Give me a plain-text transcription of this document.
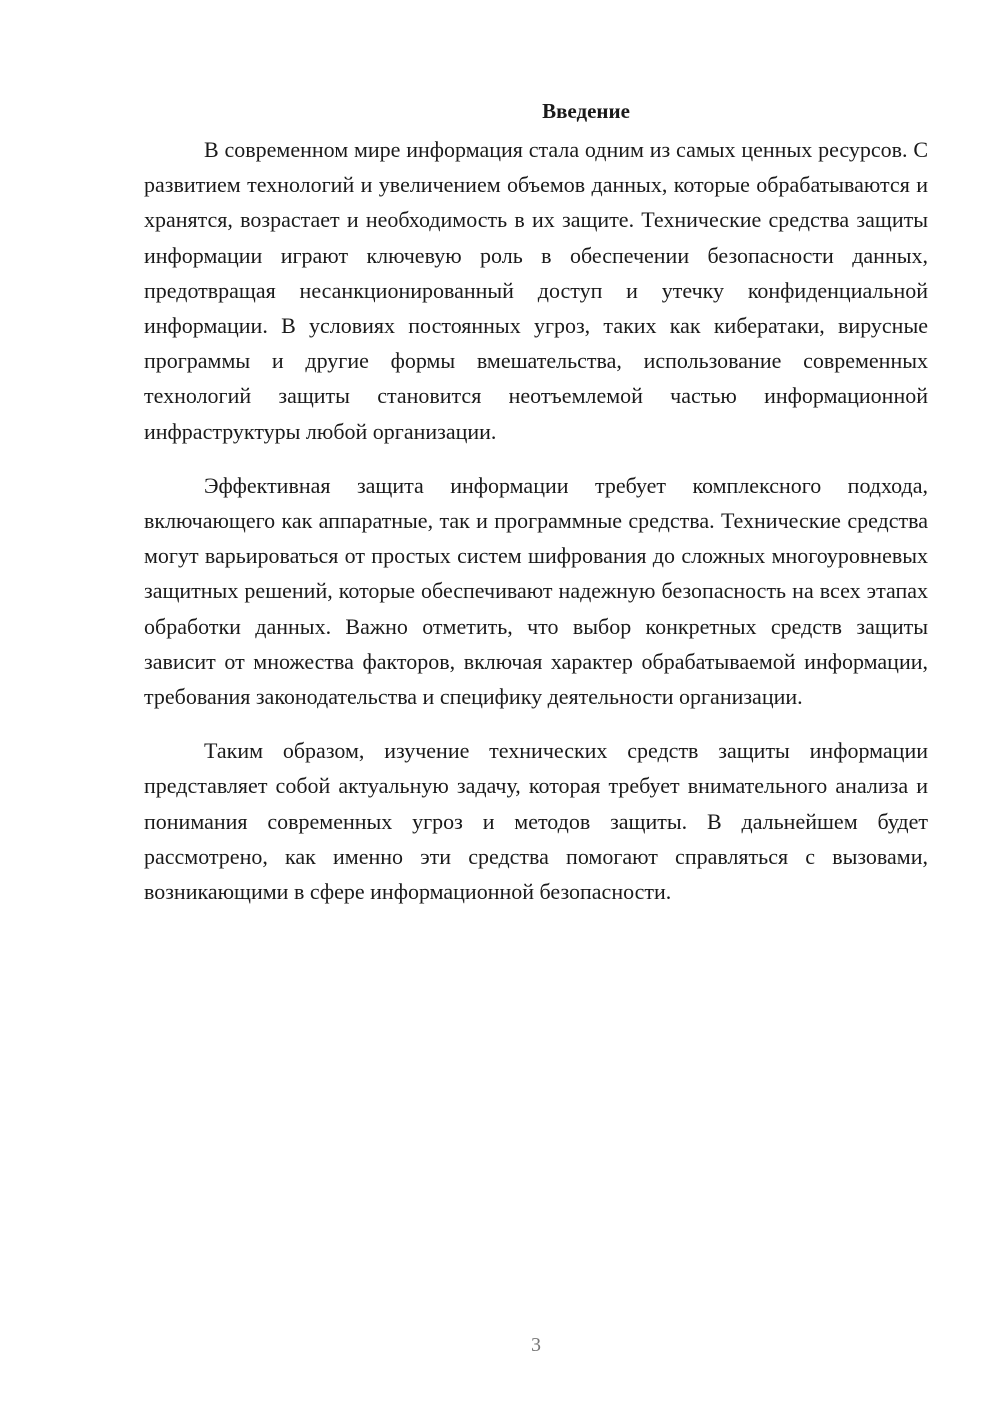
Введение

В современном мире информация стала одним из самых ценных ресурсов. С развитием технологий и увеличением объемов данных, которые обрабатываются и хранятся, возрастает и необходимость в их защите. Технические средства защиты информации играют ключевую роль в обеспечении безопасности данных, предотвращая несанкционированный доступ и утечку конфиденциальной информации. В условиях постоянных угроз, таких как кибератаки, вирусные программы и другие формы вмешательства, использование современных технологий защиты становится неотъемлемой частью информационной инфраструктуры любой организации.

Эффективная защита информации требует комплексного подхода, включающего как аппаратные, так и программные средства. Технические средства могут варьироваться от простых систем шифрования до сложных многоуровневых защитных решений, которые обеспечивают надежную безопасность на всех этапах обработки данных. Важно отметить, что выбор конкретных средств защиты зависит от множества факторов, включая характер обрабатываемой информации, требования законодательства и специфику деятельности организации.

Таким образом, изучение технических средств защиты информации представляет собой актуальную задачу, которая требует внимательного анализа и понимания современных угроз и методов защиты. В дальнейшем будет рассмотрено, как именно эти средства помогают справляться с вызовами, возникающими в сфере информационной безопасности.

3
